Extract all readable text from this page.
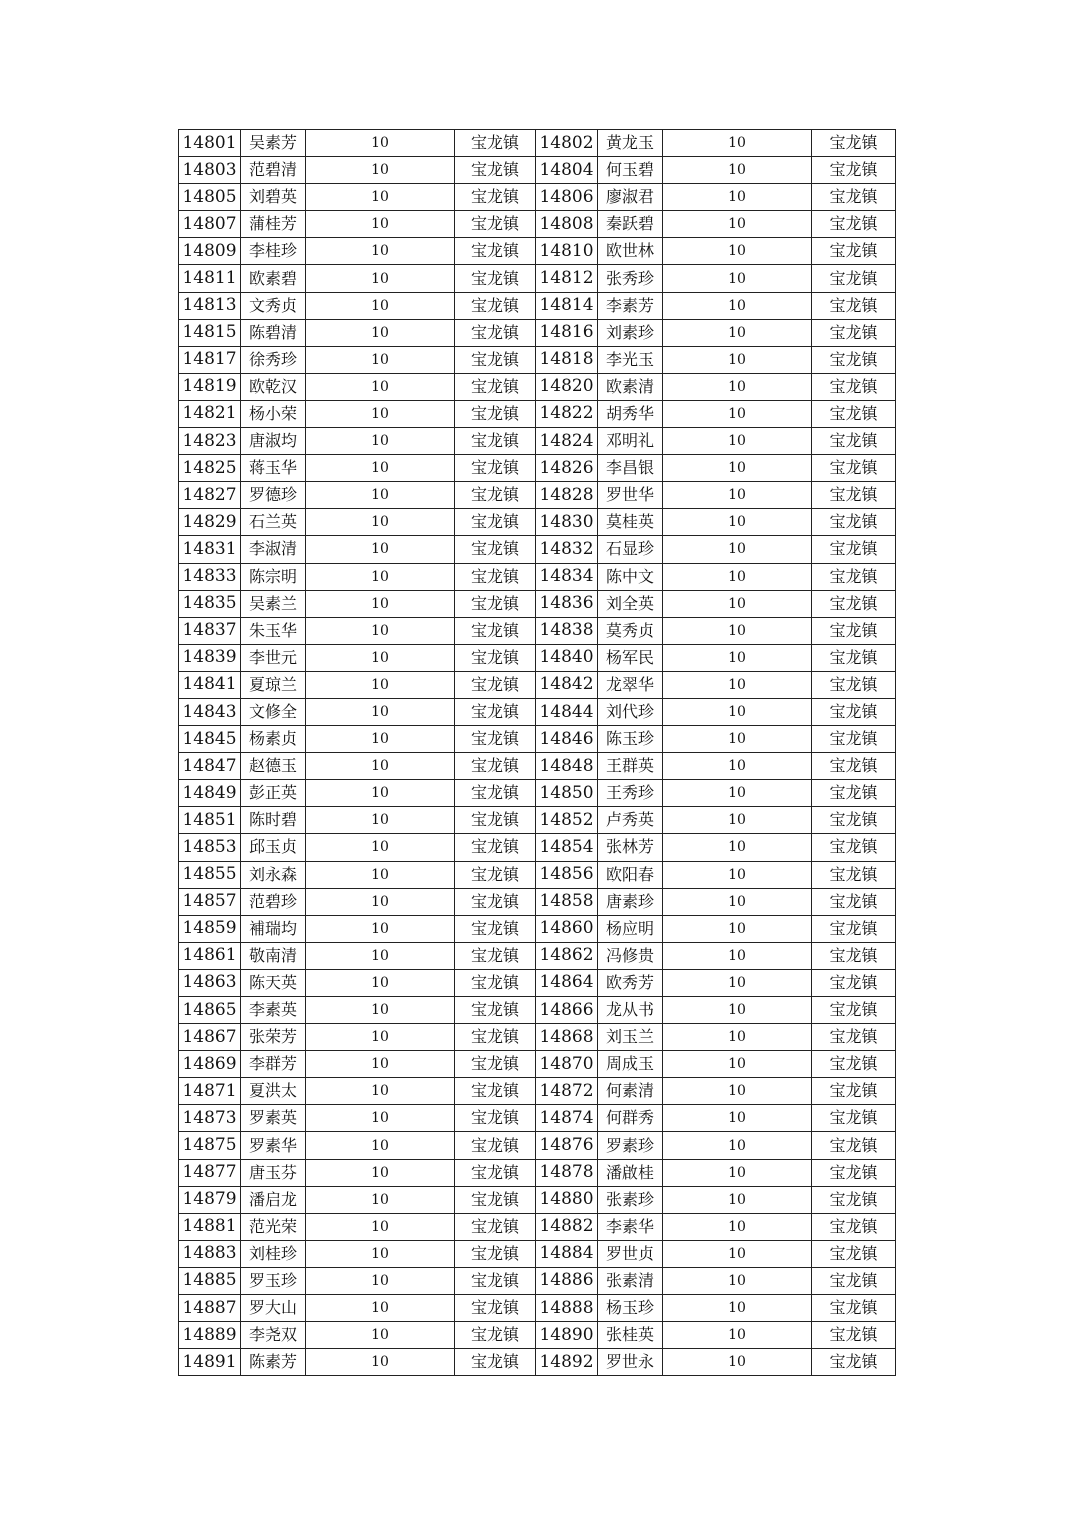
14801	吴素芳	10	宝龙镇	14802	黄龙玉	10	宝龙镇
14803	范碧清	10	宝龙镇	14804	何玉碧	10	宝龙镇
14805	刘碧英	10	宝龙镇	14806	廖淑君	10	宝龙镇
14807	蒲桂芳	10	宝龙镇	14808	秦跃碧	10	宝龙镇
14809	李桂珍	10	宝龙镇	14810	欧世林	10	宝龙镇
14811	欧素碧	10	宝龙镇	14812	张秀珍	10	宝龙镇
14813	文秀贞	10	宝龙镇	14814	李素芳	10	宝龙镇
14815	陈碧清	10	宝龙镇	14816	刘素珍	10	宝龙镇
14817	徐秀珍	10	宝龙镇	14818	李光玉	10	宝龙镇
14819	欧乾汉	10	宝龙镇	14820	欧素清	10	宝龙镇
14821	杨小荣	10	宝龙镇	14822	胡秀华	10	宝龙镇
14823	唐淑均	10	宝龙镇	14824	邓明礼	10	宝龙镇
14825	蒋玉华	10	宝龙镇	14826	李昌银	10	宝龙镇
14827	罗德珍	10	宝龙镇	14828	罗世华	10	宝龙镇
14829	石兰英	10	宝龙镇	14830	莫桂英	10	宝龙镇
14831	李淑清	10	宝龙镇	14832	石显珍	10	宝龙镇
14833	陈宗明	10	宝龙镇	14834	陈中文	10	宝龙镇
14835	吴素兰	10	宝龙镇	14836	刘全英	10	宝龙镇
14837	朱玉华	10	宝龙镇	14838	莫秀贞	10	宝龙镇
14839	李世元	10	宝龙镇	14840	杨军民	10	宝龙镇
14841	夏琼兰	10	宝龙镇	14842	龙翠华	10	宝龙镇
14843	文修全	10	宝龙镇	14844	刘代珍	10	宝龙镇
14845	杨素贞	10	宝龙镇	14846	陈玉珍	10	宝龙镇
14847	赵德玉	10	宝龙镇	14848	王群英	10	宝龙镇
14849	彭正英	10	宝龙镇	14850	王秀珍	10	宝龙镇
14851	陈时碧	10	宝龙镇	14852	卢秀英	10	宝龙镇
14853	邱玉贞	10	宝龙镇	14854	张林芳	10	宝龙镇
14855	刘永森	10	宝龙镇	14856	欧阳春	10	宝龙镇
14857	范碧珍	10	宝龙镇	14858	唐素珍	10	宝龙镇
14859	補瑞均	10	宝龙镇	14860	杨应明	10	宝龙镇
14861	敬南清	10	宝龙镇	14862	冯修贵	10	宝龙镇
14863	陈天英	10	宝龙镇	14864	欧秀芳	10	宝龙镇
14865	李素英	10	宝龙镇	14866	龙从书	10	宝龙镇
14867	张荣芳	10	宝龙镇	14868	刘玉兰	10	宝龙镇
14869	李群芳	10	宝龙镇	14870	周成玉	10	宝龙镇
14871	夏洪太	10	宝龙镇	14872	何素清	10	宝龙镇
14873	罗素英	10	宝龙镇	14874	何群秀	10	宝龙镇
14875	罗素华	10	宝龙镇	14876	罗素珍	10	宝龙镇
14877	唐玉芬	10	宝龙镇	14878	潘啟桂	10	宝龙镇
14879	潘启龙	10	宝龙镇	14880	张素珍	10	宝龙镇
14881	范光荣	10	宝龙镇	14882	李素华	10	宝龙镇
14883	刘桂珍	10	宝龙镇	14884	罗世贞	10	宝龙镇
14885	罗玉珍	10	宝龙镇	14886	张素清	10	宝龙镇
14887	罗大山	10	宝龙镇	14888	杨玉珍	10	宝龙镇
14889	李尧双	10	宝龙镇	14890	张桂英	10	宝龙镇
14891	陈素芳	10	宝龙镇	14892	罗世永	10	宝龙镇
